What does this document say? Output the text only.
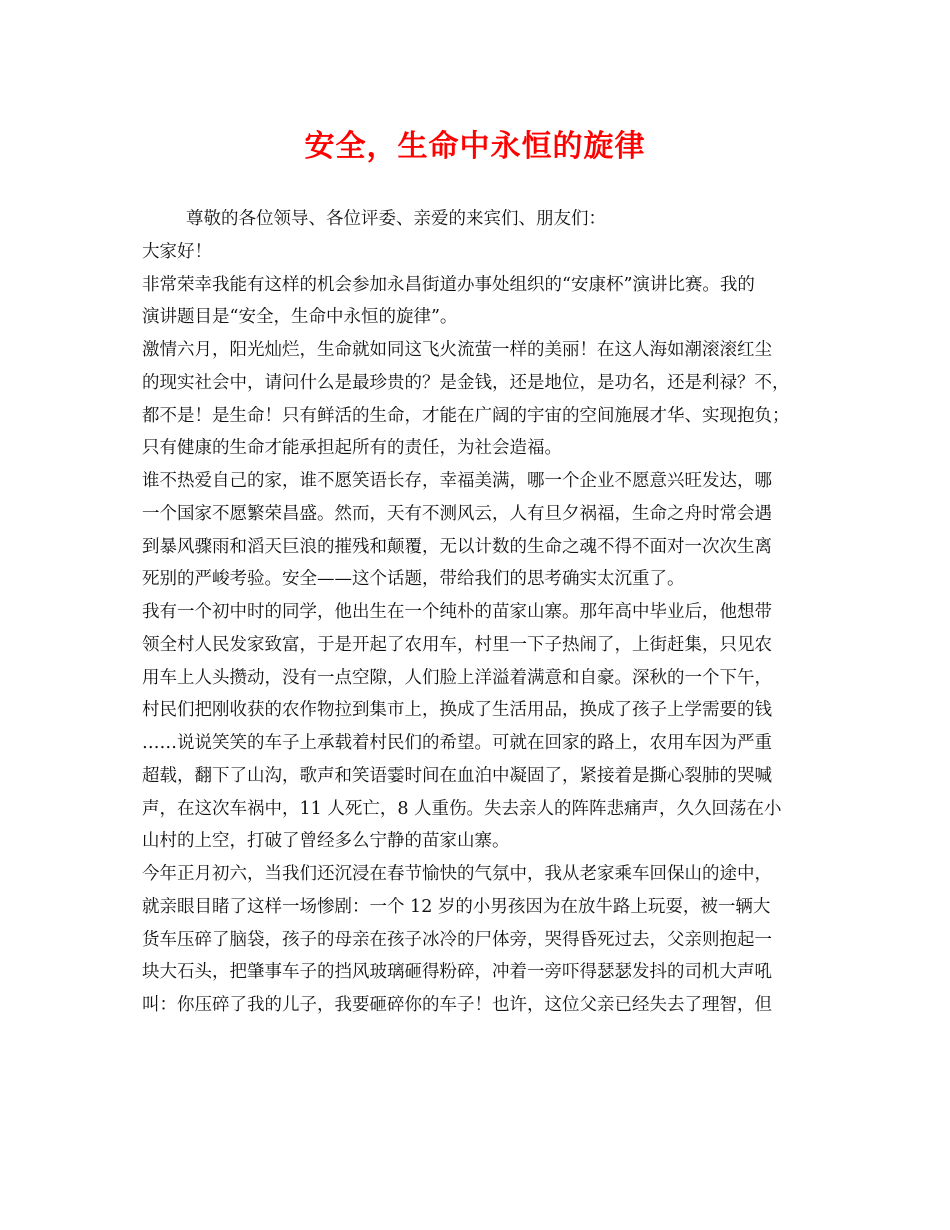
安全，生命中永恒的旋律
尊敬的各位领导、各位评委、亲爱的来宾们、朋友们：
大家好！
非常荣幸我能有这样的机会参加永昌街道办事处组织的“安康杯”演讲比赛。我的
演讲题目是“安全，生命中永恒的旋律”。
激情六月，阳光灿烂，生命就如同这飞火流萤一样的美丽！在这人海如潮滚滚红尘
的现实社会中，请问什么是最珍贵的？是金钱，还是地位，是功名，还是利禄？不，
都不是！是生命！只有鲜活的生命，才能在广阔的宇宙的空间施展才华、实现抱负；
只有健康的生命才能承担起所有的责任，为社会造福。
谁不热爱自己的家，谁不愿笑语长存，幸福美满，哪一个企业不愿意兴旺发达，哪
一个国家不愿繁荣昌盛。然而，天有不测风云，人有旦夕祸福，生命之舟时常会遇
到暴风骤雨和滔天巨浪的摧残和颠覆，无以计数的生命之魂不得不面对一次次生离
死别的严峻考验。安全——这个话题，带给我们的思考确实太沉重了。
我有一个初中时的同学，他出生在一个纯朴的苗家山寨。那年高中毕业后，他想带
领全村人民发家致富，于是开起了农用车，村里一下子热闹了，上街赶集，只见农
用车上人头攒动，没有一点空隙，人们脸上洋溢着满意和自豪。深秋的一个下午，
村民们把刚收获的农作物拉到集市上，换成了生活用品，换成了孩子上学需要的钱
……说说笑笑的车子上承载着村民们的希望。可就在回家的路上，农用车因为严重
超载，翻下了山沟，歌声和笑语霎时间在血泊中凝固了，紧接着是撕心裂肺的哭喊
声，在这次车祸中，11 人死亡，8 人重伤。失去亲人的阵阵悲痛声，久久回荡在小
山村的上空，打破了曾经多么宁静的苗家山寨。
今年正月初六，当我们还沉浸在春节愉快的气氛中，我从老家乘车回保山的途中，
就亲眼目睹了这样一场惨剧：一个 12 岁的小男孩因为在放牛路上玩耍，被一辆大
货车压碎了脑袋，孩子的母亲在孩子冰冷的尸体旁，哭得昏死过去，父亲则抱起一
块大石头，把肇事车子的挡风玻璃砸得粉碎，冲着一旁吓得瑟瑟发抖的司机大声吼
叫：你压碎了我的儿子，我要砸碎你的车子！也许，这位父亲已经失去了理智，但
